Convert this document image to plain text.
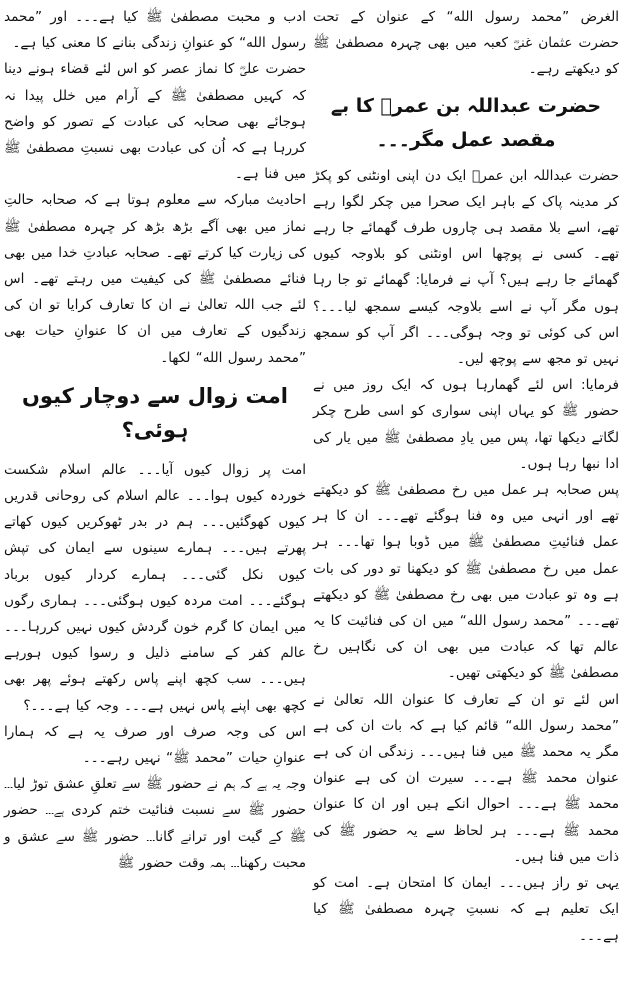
الغرض ”محمد رسول الله“ کے عنوان کے تحت حضرت عثمان غنیؓ کعبہ میں بھی چہرہ مصطفیٰ ﷺ کو دیکھتے رہے۔

حضرت عبداللہ بن عمرؓ کا بے مقصد عمل مگر۔۔۔

حضرت عبداللہ ابن عمرؓ ایک دن اپنی اونٹنی کو پکڑ کر مدینہ پاک کے باہر ایک صحرا میں چکر لگوا رہے تھے، اسے بلا مقصد ہی چاروں طرف گھمائے جا رہے تھے۔ کسی نے پوچھا اس اونٹنی کو بلاوجہ کیوں گھمائے جا رہے ہیں؟ آپ نے فرمایا: گھمائے تو جا رہا ہوں مگر آپ نے اسے بلاوجہ کیسے سمجھ لیا۔۔۔؟ اس کی کوئی تو وجہ ہوگی۔۔۔ اگر آپ کو سمجھ نہیں تو مجھ سے پوچھ لیں۔

فرمایا: اس لئے گھمارہا ہوں کہ ایک روز میں نے حضور ﷺ کو یہاں اپنی سواری کو اسی طرح چکر لگاتے دیکھا تھا، پس میں یادِ مصطفیٰ ﷺ میں یار کی ادا نبھا رہا ہوں۔

پس صحابہ ہر عمل میں رخ مصطفیٰ ﷺ کو دیکھتے تھے اور انہی میں وہ فنا ہوگئے تھے۔۔۔ ان کا ہر عمل فنائیتِ مصطفیٰ ﷺ میں ڈوبا ہوا تھا۔۔۔ ہر عمل میں رخ مصطفیٰ ﷺ کو دیکھنا تو دور کی بات ہے وہ تو عبادت میں بھی رخ مصطفیٰ ﷺ کو دیکھتے تھے۔۔۔ ”محمد رسول الله“ میں ان کی فنائیت کا یہ عالم تھا کہ عبادت میں بھی ان کی نگاہیں رخ مصطفیٰ ﷺ کو دیکھتی تھیں۔

اس لئے تو ان کے تعارف کا عنوان اللہ تعالیٰ نے ”محمد رسول الله“ قائم کیا ہے کہ بات ان کی ہے مگر یہ محمد ﷺ میں فنا ہیں۔۔۔ زندگی ان کی ہے عنوان محمد ﷺ ہے۔۔۔ سیرت ان کی ہے عنوان محمد ﷺ ہے۔۔۔ احوال انکے ہیں اور ان کا عنوان محمد ﷺ ہے۔۔۔ ہر لحاظ سے یہ حضور ﷺ کی ذات میں فنا ہیں۔

یہی تو راز ہیں۔۔۔ ایمان کا امتحان ہے۔ امت کو ایک تعلیم ہے کہ نسبتِ چہرہ مصطفیٰ ﷺ کیا ہے۔۔۔

ادب و محبت مصطفیٰ ﷺ کیا ہے۔۔۔ اور ”محمد رسول الله“ کو عنوانِ زندگی بنانے کا معنی کیا ہے۔

حضرت علیؓ کا نماز عصر کو اس لئے قضاء ہونے دینا کہ کہیں مصطفیٰ ﷺ کے آرام میں خلل پیدا نہ ہوجائے بھی صحابہ کی عبادت کے تصور کو واضح کررہا ہے کہ اُن کی عبادت بھی نسبتِ مصطفیٰ ﷺ میں فنا ہے۔

احادیث مبارکہ سے معلوم ہوتا ہے کہ صحابہ حالتِ نماز میں بھی آگے بڑھ بڑھ کر چہرہ مصطفیٰ ﷺ کی زیارت کیا کرتے تھے۔ صحابہ عبادتِ خدا میں بھی فنائے مصطفیٰ ﷺ کی کیفیت میں رہتے تھے۔ اس لئے جب اللہ تعالیٰ نے ان کا تعارف کرایا تو ان کی زندگیوں کے تعارف میں ان کا عنوانِ حیات بھی ”محمد رسول الله“ لکھا۔

امت زوال سے دوچار کیوں ہوئی؟

امت پر زوال کیوں آیا۔۔۔ عالم اسلام شکست خوردہ کیوں ہوا۔۔۔ عالم اسلام کی روحانی قدریں کیوں کھوگئیں۔۔۔ ہم در بدر ٹھوکریں کیوں کھاتے پھرتے ہیں۔۔۔ ہمارے سینوں سے ایمان کی تپش کیوں نکل گئی۔۔۔ ہمارے کردار کیوں برباد ہوگئے۔۔۔ امت مردہ کیوں ہوگئی۔۔۔ ہماری رگوں میں ایمان کا گرم خون گردش کیوں نہیں کررہا۔۔۔ عالم کفر کے سامنے ذلیل و رسوا کیوں ہورہے ہیں۔۔۔ سب کچھ اپنے پاس رکھتے ہوئے پھر بھی کچھ بھی اپنے پاس نہیں ہے۔۔۔ وجہ کیا ہے۔۔۔؟

اس کی وجہ صرف اور صرف یہ ہے کہ ہمارا عنوانِ حیات ”محمد ﷺ“ نہیں رہے۔۔۔

وجہ یہ ہے کہ ہم نے حضور ﷺ سے تعلقِ عشق توڑ لیا۔۔۔ حضور ﷺ سے نسبت فنائیت ختم کردی ہے۔۔۔ حضور ﷺ کے گیت اور ترانے گانا۔۔۔ حضور ﷺ سے عشق و محبت رکھنا۔۔۔ ہمہ وقت حضور ﷺ
